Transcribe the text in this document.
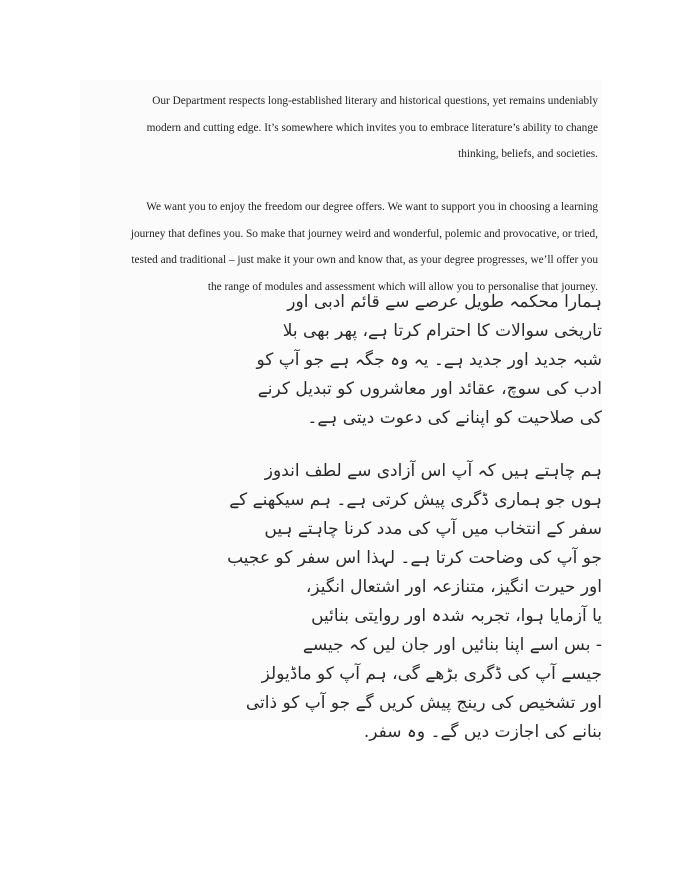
Our Department respects long-established literary and historical questions, yet remains undeniably
modern and cutting edge. It’s somewhere which invites you to embrace literature’s ability to change
thinking, beliefs, and societies.
We want you to enjoy the freedom our degree offers. We want to support you in choosing a learning
journey that defines you. So make that journey weird and wonderful, polemic and provocative, or tried,
tested and traditional – just make it your own and know that, as your degree progresses, we’ll offer you
the range of modules and assessment which will allow you to personalise that journey.
ہمارا محکمہ طویل عرصے سے قائم ادبی اور
تاریخی سوالات کا احترام کرتا ہے، پھر بھی بلا
شبہ جدید اور جدید ہے۔ یہ وہ جگہ ہے جو آپ کو
ادب کی سوچ، عقائد اور معاشروں کو تبدیل کرنے
کی صلاحیت کو اپنانے کی دعوت دیتی ہے۔
ہم چاہتے ہیں کہ آپ اس آزادی سے لطف اندوز
ہوں جو ہماری ڈگری پیش کرتی ہے۔ ہم سیکھنے کے
سفر کے انتخاب میں آپ کی مدد کرنا چاہتے ہیں
جو آپ کی وضاحت کرتا ہے۔ لہذا اس سفر کو عجیب
اور حیرت انگیز، متنازعہ اور اشتعال انگیز،
یا آزمایا ہوا، تجربہ شدہ اور روایتی بنائیں
- بس اسے اپنا بنائیں اور جان لیں کہ جیسے
جیسے آپ کی ڈگری بڑھے گی، ہم آپ کو ماڈیولز
اور تشخیص کی رینج پیش کریں گے جو آپ کو ذاتی
بنانے کی اجازت دیں گے۔ وہ سفر.
